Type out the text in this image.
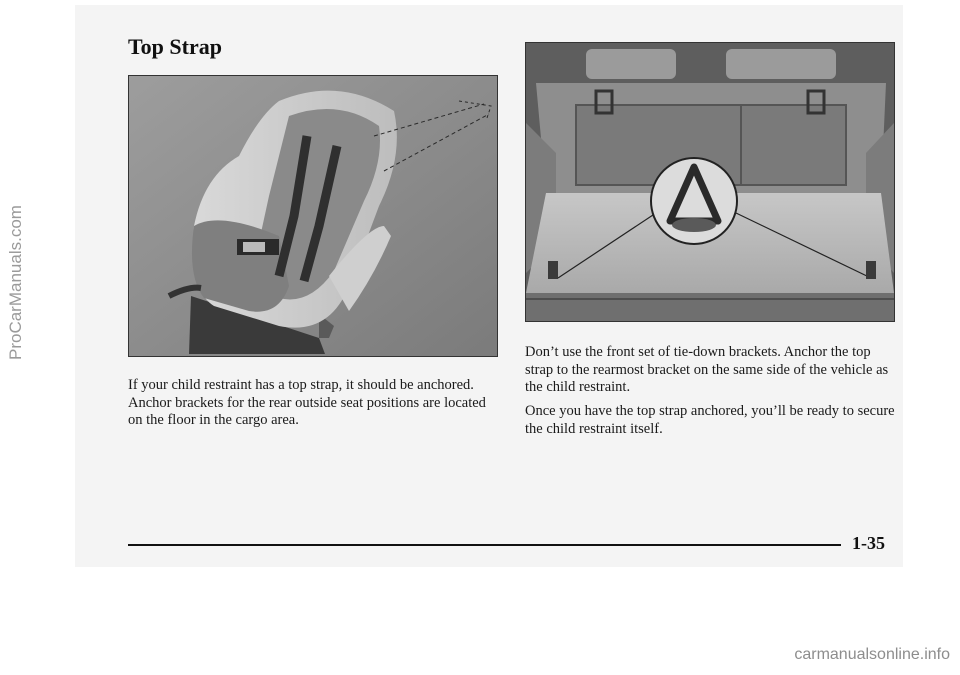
ProCarManuals.com
Top Strap

If your child restraint has a top strap, it should be anchored. Anchor brackets for the rear outside seat positions are located on the floor in the cargo area.

Don’t use the front set of tie-down brackets. Anchor the top strap to the rearmost bracket on the same side of the vehicle as the child restraint.

Once you have the top strap anchored, you’ll be ready to secure the child restraint itself.

1-35
carmanualsonline.info
